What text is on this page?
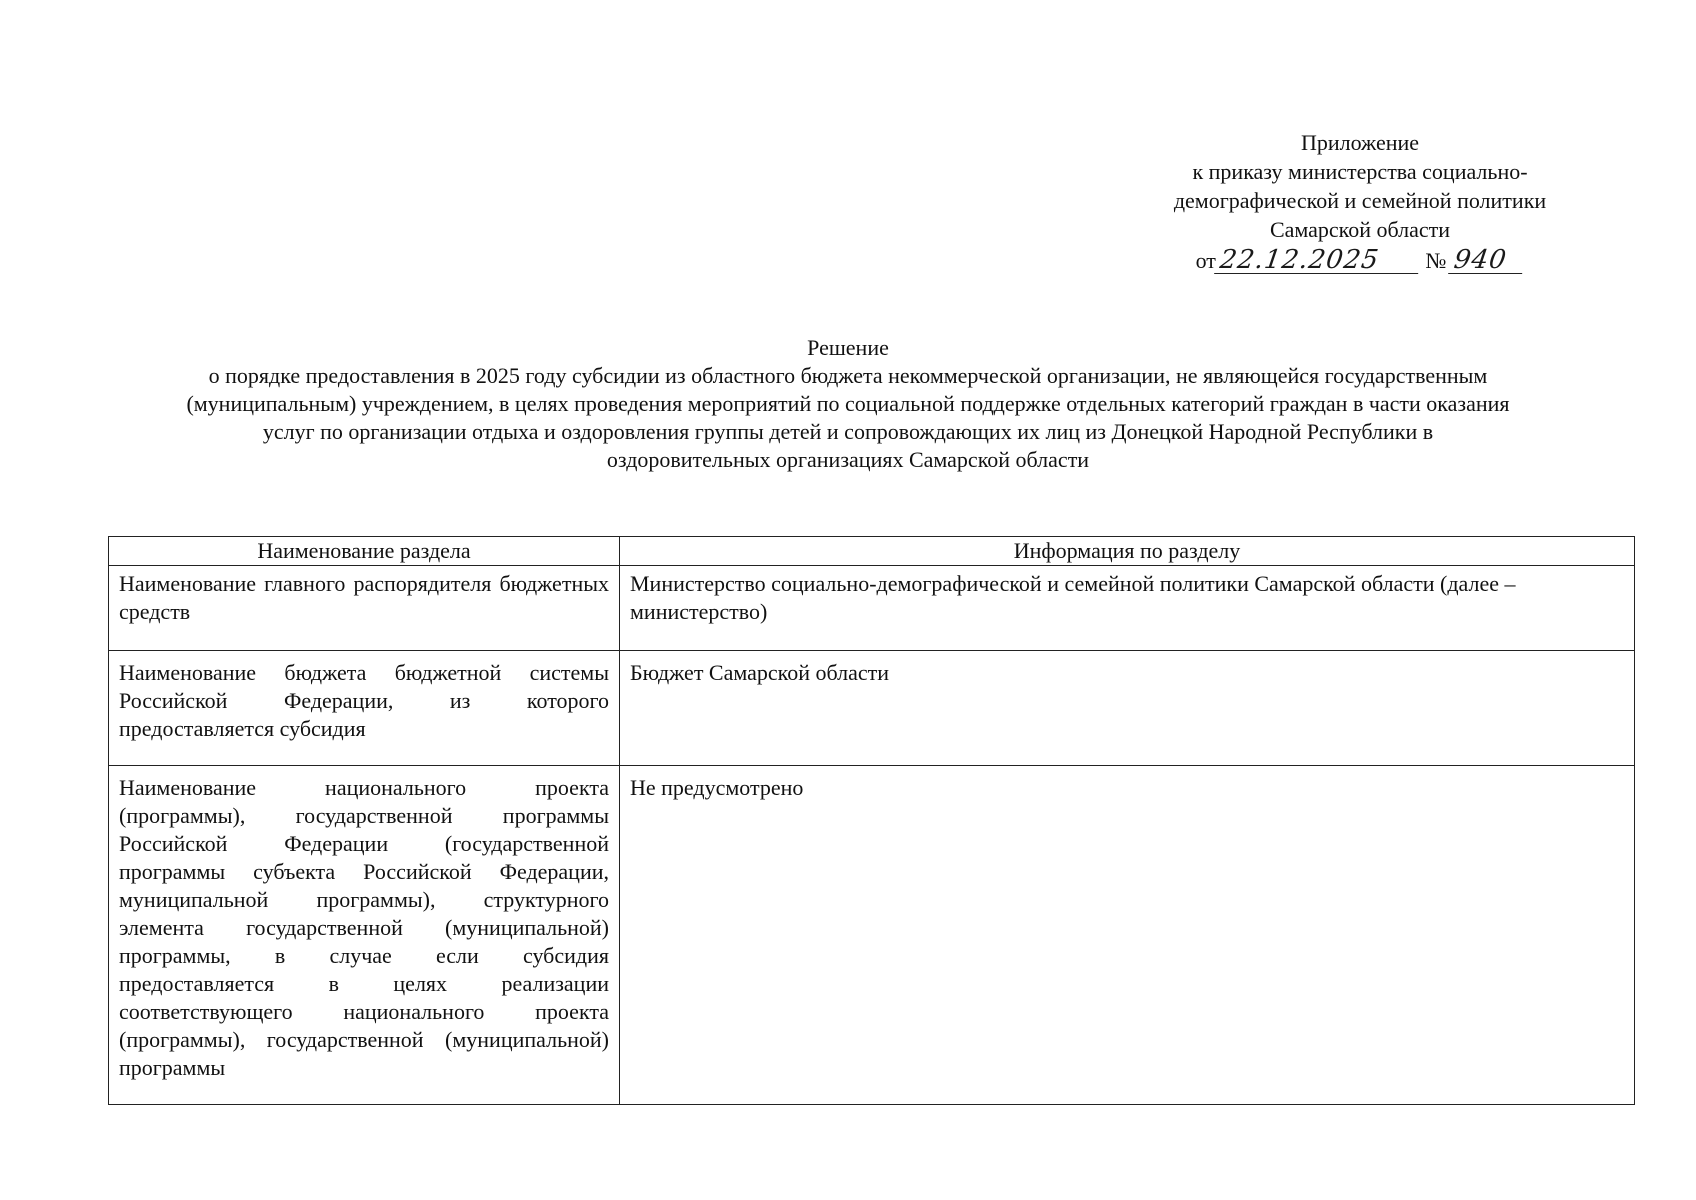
Приложение
к приказу министерства социально-
демографической и семейной политики
Самарской области
от22.12.2025 № 940
Решение
о порядке предоставления в 2025 году субсидии из областного бюджета некоммерческой организации, не являющейся государственным
(муниципальным) учреждением, в целях проведения мероприятий по социальной поддержке отдельных категорий граждан в части оказания
услуг по организации отдыха и оздоровления группы детей и сопровождающих их лиц из Донецкой Народной Республики в
оздоровительных организациях Самарской области
Наименование раздела	Информация по разделу
Наименование главного распорядителя бюджетных средств	Министерство социально-демографической и семейной политики Самарской области (далее – министерство)
Наименование бюджета бюджетной системы Российской Федерации, из которого предоставляется субсидия	Бюджет Самарской области
Наименование национального проекта (программы), государственной программы Российской Федерации (государственной программы субъекта Российской Федерации, муниципальной программы), структурного элемента государственной (муниципальной) программы, в случае если субсидия предоставляется в целях реализации соответствующего национального проекта (программы), государственной (муниципальной) программы	Не предусмотрено
